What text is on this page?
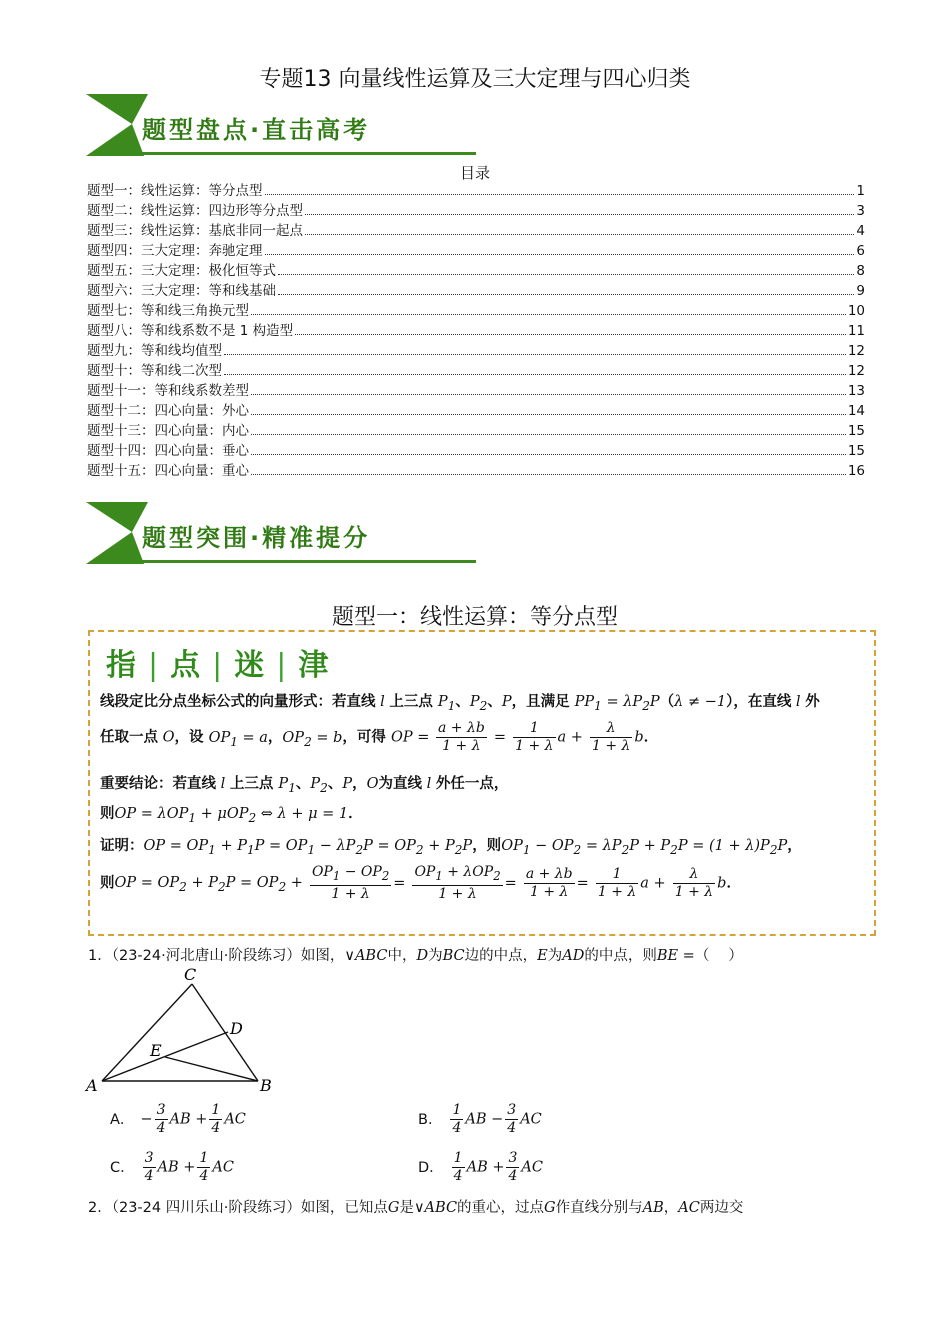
专题13 向量线性运算及三大定理与四心归类
题型盘点·直击高考
目录
题型一：线性运算：等分点型	1
题型二：线性运算：四边形等分点型	3
题型三：线性运算：基底非同一起点	4
题型四：三大定理：奔驰定理	6
题型五：三大定理：极化恒等式	8
题型六：三大定理：等和线基础	9
题型七：等和线三角换元型	10
题型八：等和线系数不是 1 构造型	11
题型九：等和线均值型	12
题型十：等和线二次型	12
题型十一：等和线系数差型	13
题型十二：四心向量：外心	14
题型十三：四心向量：内心	15
题型十四：四心向量：垂心	15
题型十五：四心向量：重心	16
题型突围·精准提分
题型一：线性运算：等分点型
指 | 点 | 迷 | 津
线段定比分点坐标公式的向量形式：若直线 l 上三点 $P_1$、$P_2$、P，且满足 $PP_1 = \lambda P_2P(\lambda \ne -1)$，在直线 l 外
任取一点 O，设 $OP_1 = a$，$OP_2 = b$，可得 OP = $\frac{a + \lambda b}{1 + \lambda} = \frac{1}{1 + \lambda}$ $a + \frac{\lambda}{1 + \lambda}$ b．
重要结论：若直线 l 上三点 $P_1$、$P_2$、P，O为直线 l 外任一点，
则OP = λOP$_1$ + μOP$_2$ ⇔ λ + μ = 1．
证明：OP = $OP_1 + P_1P = OP_1 - \lambda P_2P = OP_2 + P_2P$，则$OP_1 - OP_2 = \lambda P_2P + P_2P = (1 + \lambda)P_2P$，
则OP = $OP_2 + P_2P = OP_2 + \frac{OP_1 - OP_2}{1 + \lambda} = \frac{OP_1 + \lambda OP_2}{1 + \lambda} = \frac{a + \lambda b}{1 + \lambda} = \frac{1}{1 + \lambda}$ $a + \frac{\lambda}{1 + \lambda}$ b．
1．（23-24·河北唐山·阶段练习）如图，∨ABC中，D为BC边的中点，E为AD的中点，则BE =（　 ）
A	B
C
D
E
A． − $\frac{3}{4}$ AB + $\frac{1}{4}$ AC	B． $\frac{1}{4}$ AB − $\frac{3}{4}$ AC
C． $\frac{3}{4}$ AB + $\frac{1}{4}$ AC	D． $\frac{1}{4}$ AB + $\frac{3}{4}$ AC
2．（23-24 四川乐山·阶段练习）如图，已知点G是∨ABC的重心，过点G作直线分别与AB，AC两边交
